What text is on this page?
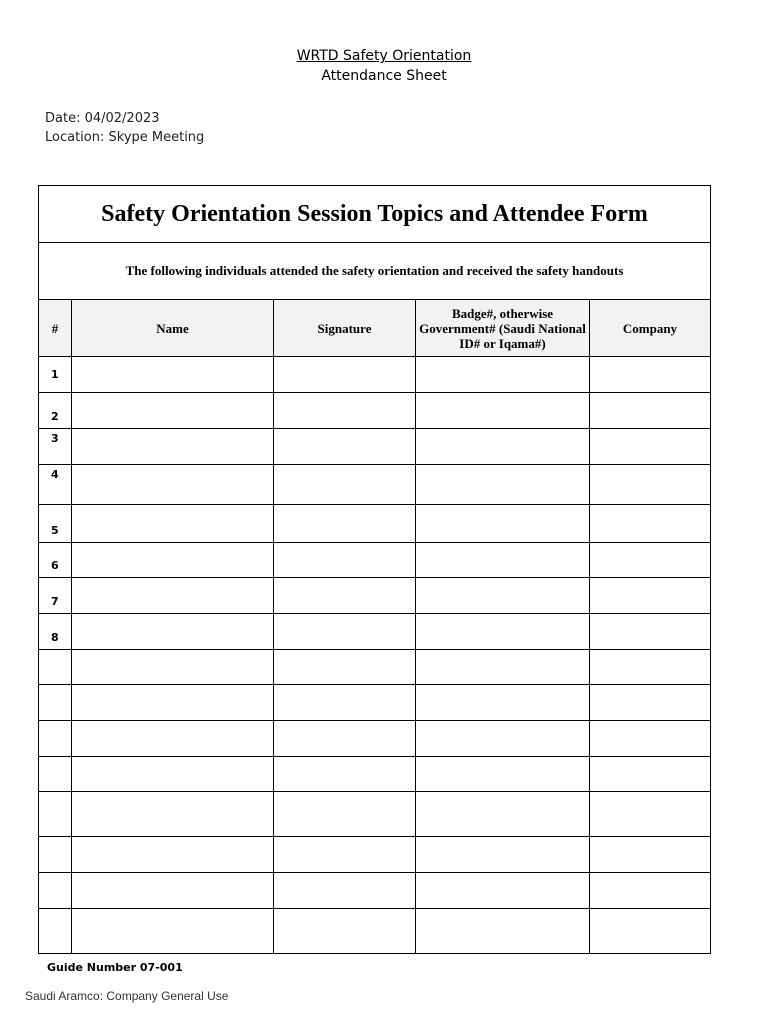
WRTD Safety Orientation
Attendance Sheet
Date: 04/02/2023
Location: Skype Meeting
Safety Orientation Session Topics and Attendee Form				
The following individuals attended the safety orientation and received the safety handouts				
#	Name	Signature	Badge#, otherwise Government# (Saudi National ID# or Iqama#)	Company
1				
2				
3				
4				
5				
6				
7				
8				

Guide Number 07-001
Saudi Aramco: Company General Use
